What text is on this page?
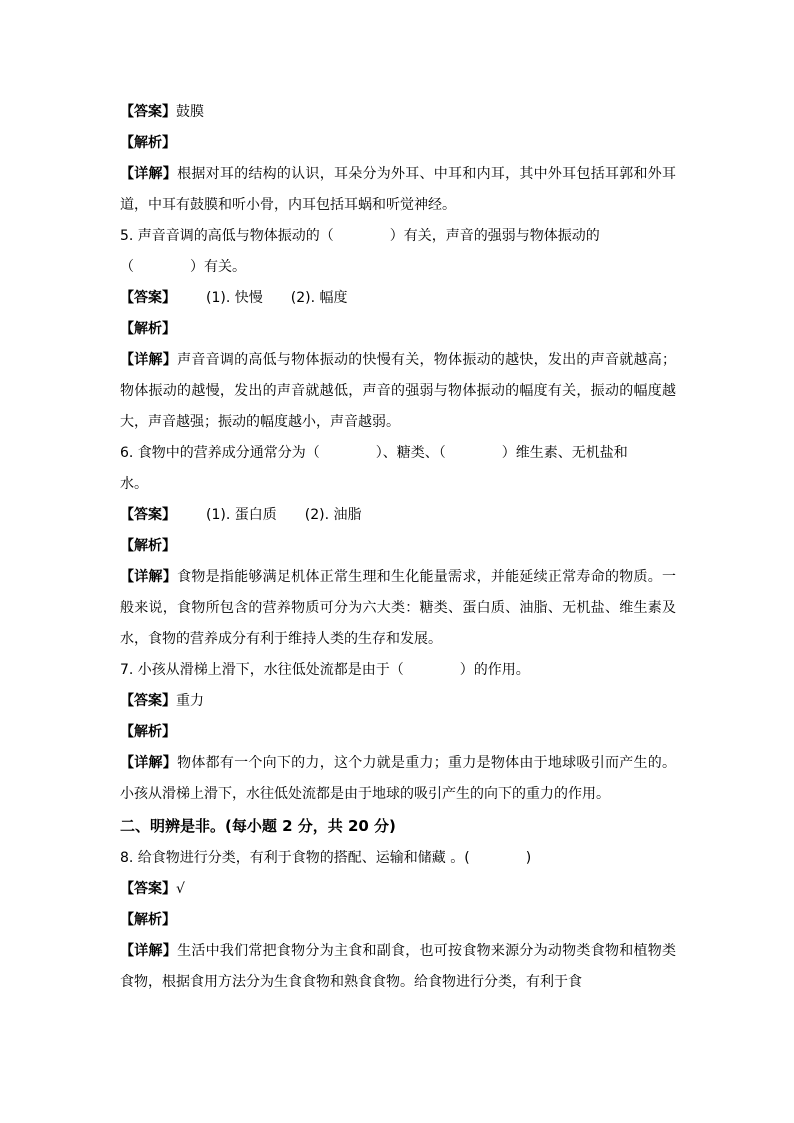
【答案】鼓膜
【解析】
【详解】根据对耳的结构的认识，耳朵分为外耳、中耳和内耳，其中外耳包括耳郭和外耳道，中耳有鼓膜和听小骨，内耳包括耳蜗和听觉神经。
5. 声音音调的高低与物体振动的（　　　　）有关，声音的强弱与物体振动的
（　　　　）有关。
【答案】 (1). 快慢 (2). 幅度
【解析】
【详解】声音音调的高低与物体振动的快慢有关，物体振动的越快，发出的声音就越高；物体振动的越慢，发出的声音就越低，声音的强弱与物体振动的幅度有关，振动的幅度越大，声音越强；振动的幅度越小，声音越弱。
6. 食物中的营养成分通常分为（　　　　）、糖类、（　　　　）维生素、无机盐和
水。
【答案】 (1). 蛋白质 (2). 油脂
【解析】
【详解】食物是指能够满足机体正常生理和生化能量需求，并能延续正常寿命的物质。一般来说，食物所包含的营养物质可分为六大类：糖类、蛋白质、油脂、无机盐、维生素及水，食物的营养成分有利于维持人类的生存和发展。
7. 小孩从滑梯上滑下，水往低处流都是由于（　　　　）的作用。
【答案】重力
【解析】
【详解】物体都有一个向下的力，这个力就是重力；重力是物体由于地球吸引而产生的。小孩从滑梯上滑下，水往低处流都是由于地球的吸引产生的向下的重力的作用。
二、明辨是非。(每小题 2 分，共 20 分)
8. 给食物进行分类，有利于食物的搭配、运输和储藏 。(　　　　)
【答案】√
【解析】
【详解】生活中我们常把食物分为主食和副食，也可按食物来源分为动物类食物和植物类食物，根据食用方法分为生食食物和熟食食物。给食物进行分类，有利于食
